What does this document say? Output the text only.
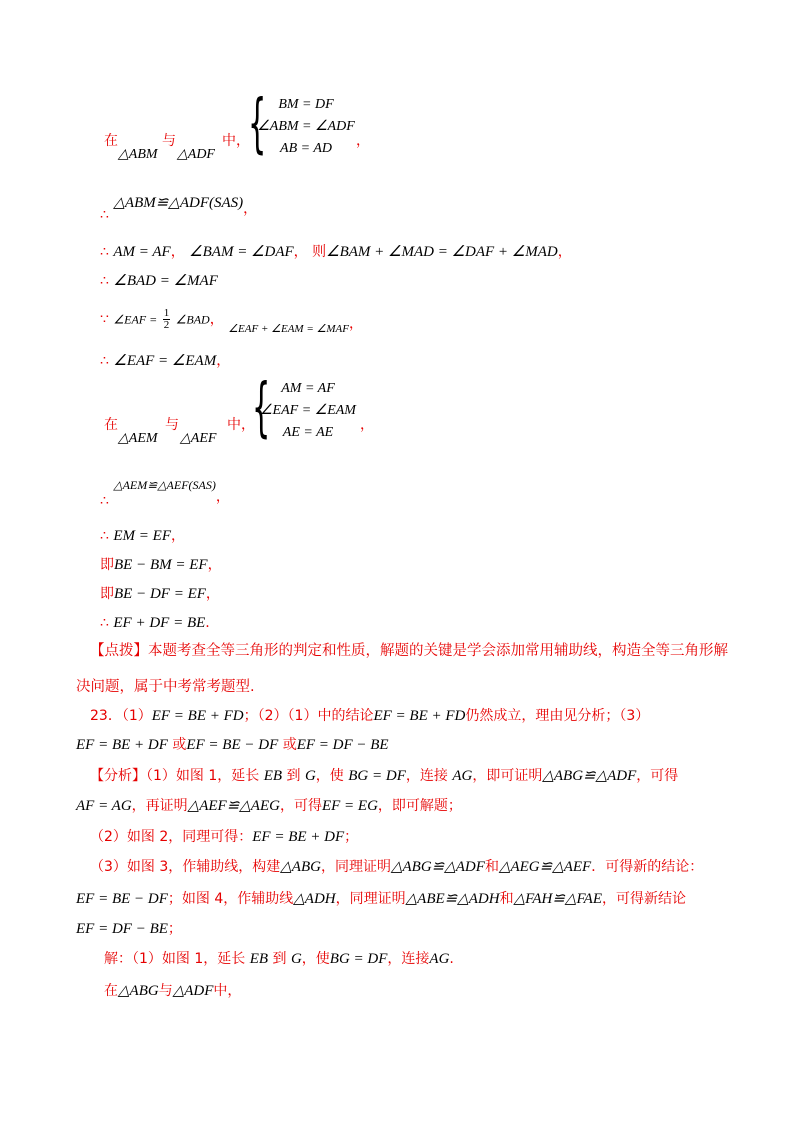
在
△ABM
与
△ADF
中，
{ BM = DF
∠ABM = ∠ADF
AB = AD	，
∴ △ABM≌△ADF(SAS)，
∴ AM = AF， ∠BAM = ∠DAF， 则∠BAM + ∠MAD = ∠DAF + ∠MAD，
∴ ∠BAD = ∠MAF
∵ ∠EAF = $\frac{1}{2}$ ∠BAD， $_{\angle EAF + \angle EAM = \angle MAF}$，
∴ ∠EAF = ∠EAM，
在
△AEM
与
△AEF
中，
{ AM = AF
∠EAF = ∠EAM
AE = AE	，
∴ △AEM≌△AEF(SAS)，
∴ EM = EF，
即BE − BM = EF，
即BE − DF = EF，
∴ EF + DF = BE.
【点拨】本题考查全等三角形的判定和性质，解题的关键是学会添加常用辅助线，构造全等三角形解
决问题，属于中考常考题型.
23．（1）EF = BE + FD；（2）（1）中的结论EF = BE + FD仍然成立，理由见分析；（3）
EF = BE + DF 或EF = BE − DF 或EF = DF − BE
【分析】（1）如图 1，延长 EB 到 G，使 BG = DF，连接 AG，即可证明△ABG≌△ADF，可得
AF = AG，再证明△AEF≌△AEG，可得EF = EG，即可解题；
（2）如图 2，同理可得：EF = BE + DF；
（3）如图 3，作辅助线，构建△ABG，同理证明△ABG≌△ADF和△AEG≌△AEF．可得新的结论：
EF = BE − DF；如图 4，作辅助线△ADH，同理证明△ABE≌△ADH和△FAH≌△FAE，可得新结论
EF = DF − BE；
解：（1）如图 1，延长 EB 到 G，使BG = DF，连接AG.
在△ABG与△ADF中，
